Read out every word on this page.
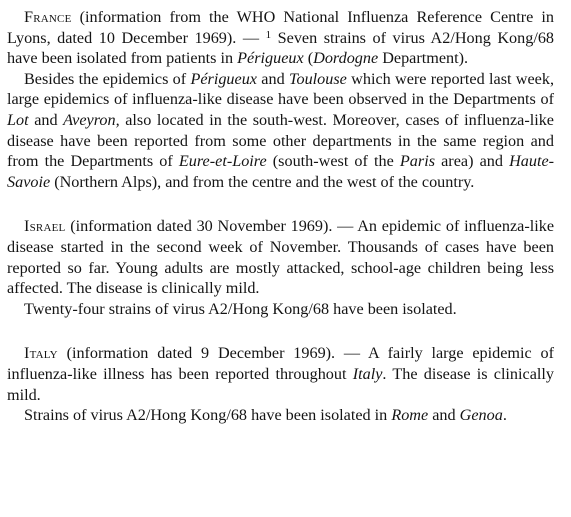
France (information from the WHO National Influenza Reference Centre in Lyons, dated 10 December 1969). — $^1$ Seven strains of virus A2/Hong Kong/68 have been isolated from patients in Périgueux (Dordogne Department).

Besides the epidemics of Périgueux and Toulouse which were reported last week, large epidemics of influenza-like disease have been observed in the Departments of Lot and Aveyron, also located in the south-west. Moreover, cases of influenza-like disease have been reported from some other departments in the same region and from the Departments of Eure-et-Loire (south-west of the Paris area) and Haute-Savoie (Northern Alps), and from the centre and the west of the country.

Israel (information dated 30 November 1969). — An epidemic of influenza-like disease started in the second week of November. Thousands of cases have been reported so far. Young adults are mostly attacked, school-age children being less affected. The disease is clinically mild.

Twenty-four strains of virus A2/Hong Kong/68 have been isolated.

Italy (information dated 9 December 1969). — A fairly large epidemic of influenza-like illness has been reported throughout Italy. The disease is clinically mild.

Strains of virus A2/Hong Kong/68 have been isolated in Rome and Genoa.
